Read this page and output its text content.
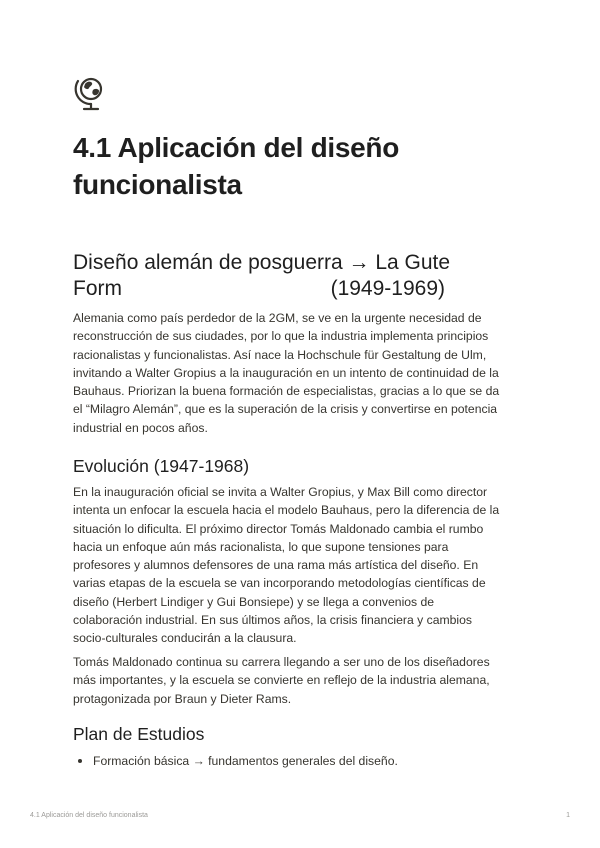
4.1 Aplicación del diseño funcionalista
Diseño alemán de posguerra → La Gute
Form	(1949-1969)
Alemania como país perdedor de la 2GM, se ve en la urgente necesidad de
reconstrucción de sus ciudades, por lo que la industria implementa principios
racionalistas y funcionalistas. Así nace la Hochschule für Gestaltung de Ulm,
invitando a Walter Gropius a la inauguración en un intento de continuidad de la
Bauhaus. Priorizan la buena formación de especialistas, gracias a lo que se da
el “Milagro Alemán”, que es la superación de la crisis y convertirse en potencia
industrial en pocos años.
Evolución (1947-1968)
En la inauguración oficial se invita a Walter Gropius, y Max Bill como director
intenta un enfocar la escuela hacia el modelo Bauhaus, pero la diferencia de la
situación lo dificulta. El próximo director Tomás Maldonado cambia el rumbo
hacia un enfoque aún más racionalista, lo que supone tensiones para
profesores y alumnos defensores de una rama más artística del diseño. En
varias etapas de la escuela se van incorporando metodologías científicas de
diseño (Herbert Lindiger y Gui Bonsiepe) y se llega a convenios de
colaboración industrial. En sus últimos años, la crisis financiera y cambios
socio-culturales conducirán a la clausura.
Tomás Maldonado continua su carrera llegando a ser uno de los diseñadores
más importantes, y la escuela se convierte en reflejo de la industria alemana,
protagonizada por Braun y Dieter Rams.
Plan de Estudios
Formación básica → fundamentos generales del diseño.
4.1 Aplicación del diseño funcionalista	1
